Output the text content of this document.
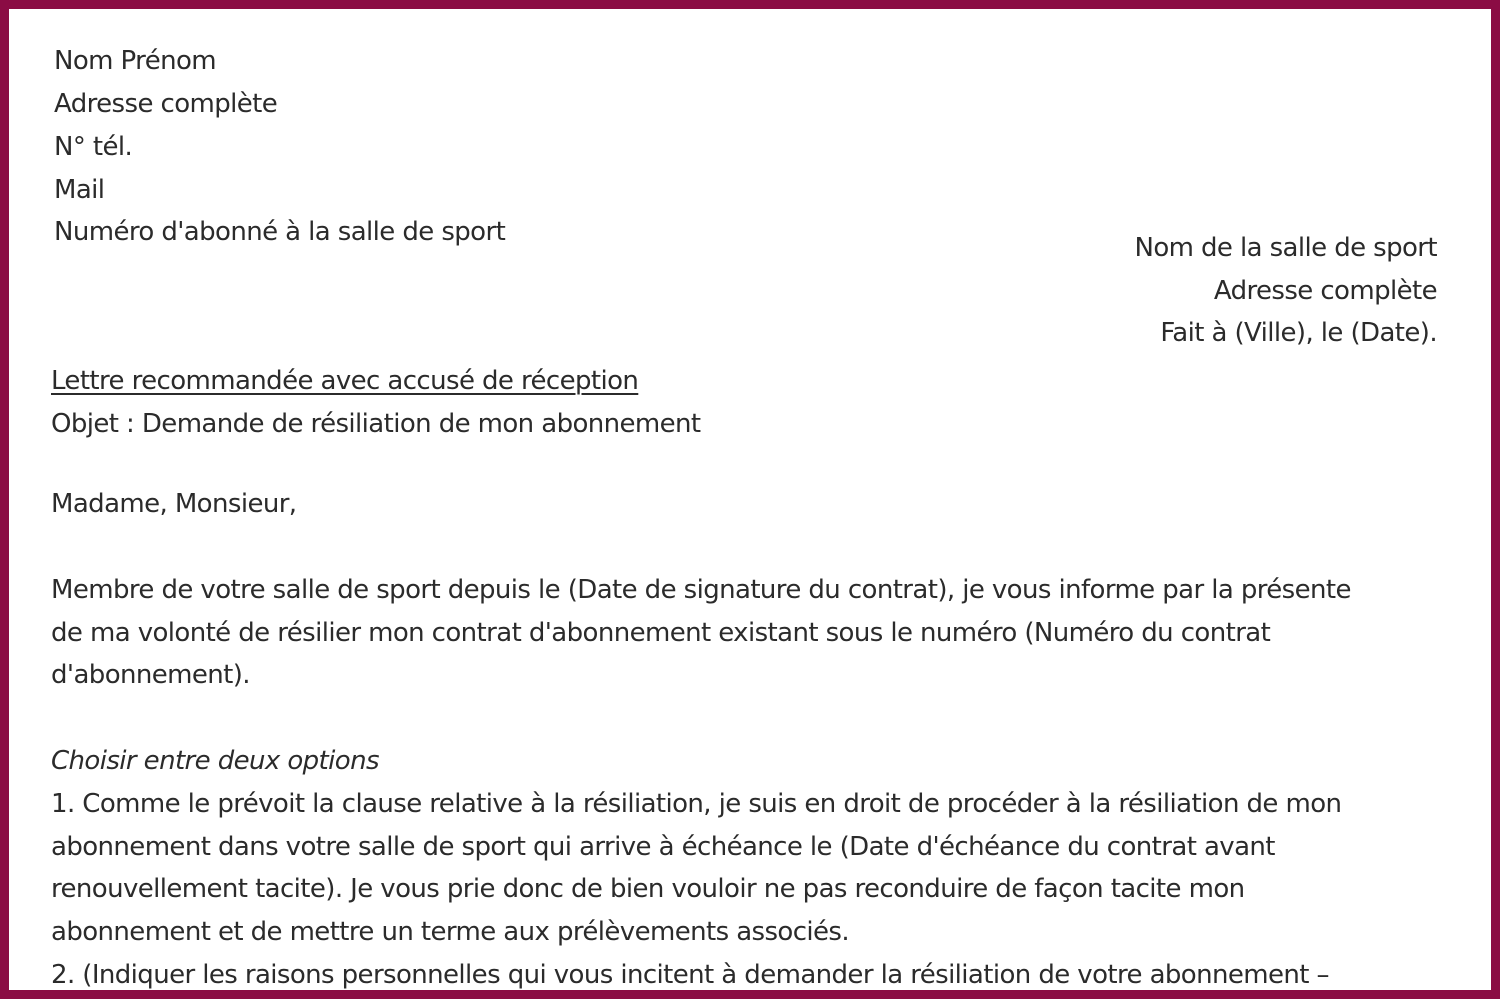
Nom Prénom

Adresse complète

N° tél.

Mail

Numéro d'abonné à la salle de sport

Nom de la salle de sport

Adresse complète

Fait à (Ville), le (Date).

Lettre recommandée avec accusé de réception

Objet : Demande de résiliation de mon abonnement

Madame, Monsieur,

Membre de votre salle de sport depuis le (Date de signature du contrat), je vous informe par la présente

de ma volonté de résilier mon contrat d'abonnement existant sous le numéro (Numéro du contrat

d'abonnement).

Choisir entre deux options

1. Comme le prévoit la clause relative à la résiliation, je suis en droit de procéder à la résiliation de mon

abonnement dans votre salle de sport qui arrive à échéance le (Date d'échéance du contrat avant

renouvellement tacite). Je vous prie donc de bien vouloir ne pas reconduire de façon tacite mon

abonnement et de mettre un terme aux prélèvements associés.

2. (Indiquer les raisons personnelles qui vous incitent à demander la résiliation de votre abonnement –
